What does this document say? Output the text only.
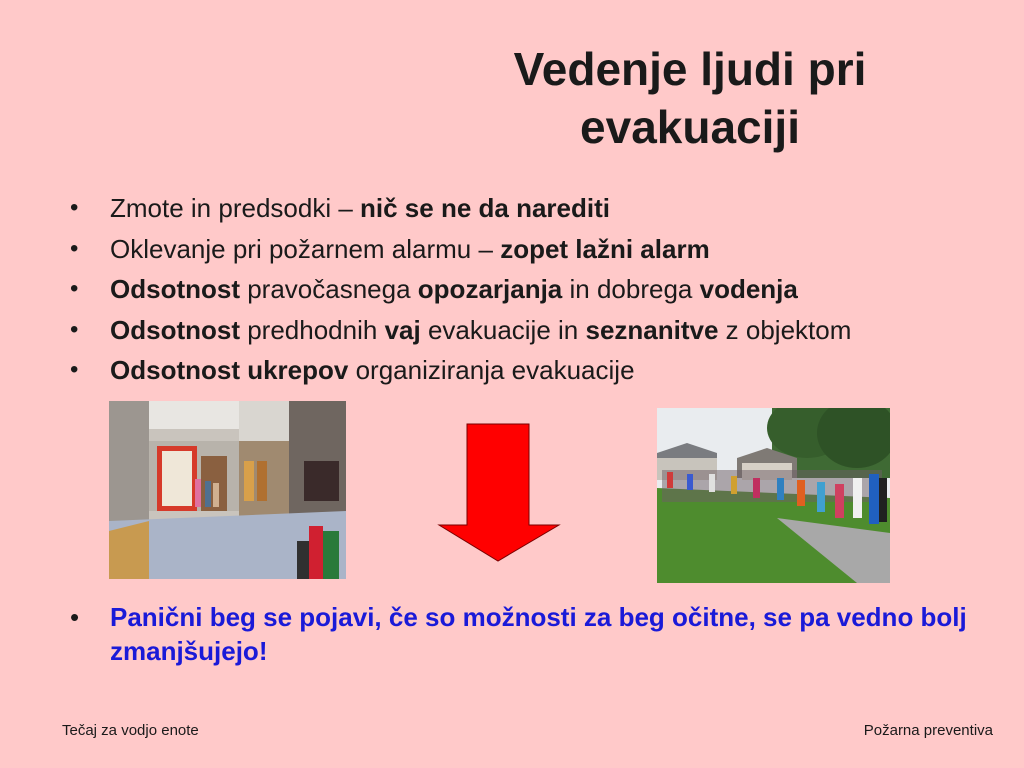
Vedenje ljudi pri evakuaciji
• Zmote in predsodki – nič se ne da narediti
• Oklevanje pri požarnem alarmu – zopet lažni alarm
• Odsotnost pravočasnega opozarjanja in dobrega vodenja
• Odsotnost predhodnih vaj evakuacije in seznanitve z objektom
• Odsotnost ukrepov organiziranja evakuacije
•	Panični beg se pojavi, če so možnosti za beg očitne, se pa vedno bolj zmanjšujejo!
Tečaj za vodjo enote	Požarna preventiva
